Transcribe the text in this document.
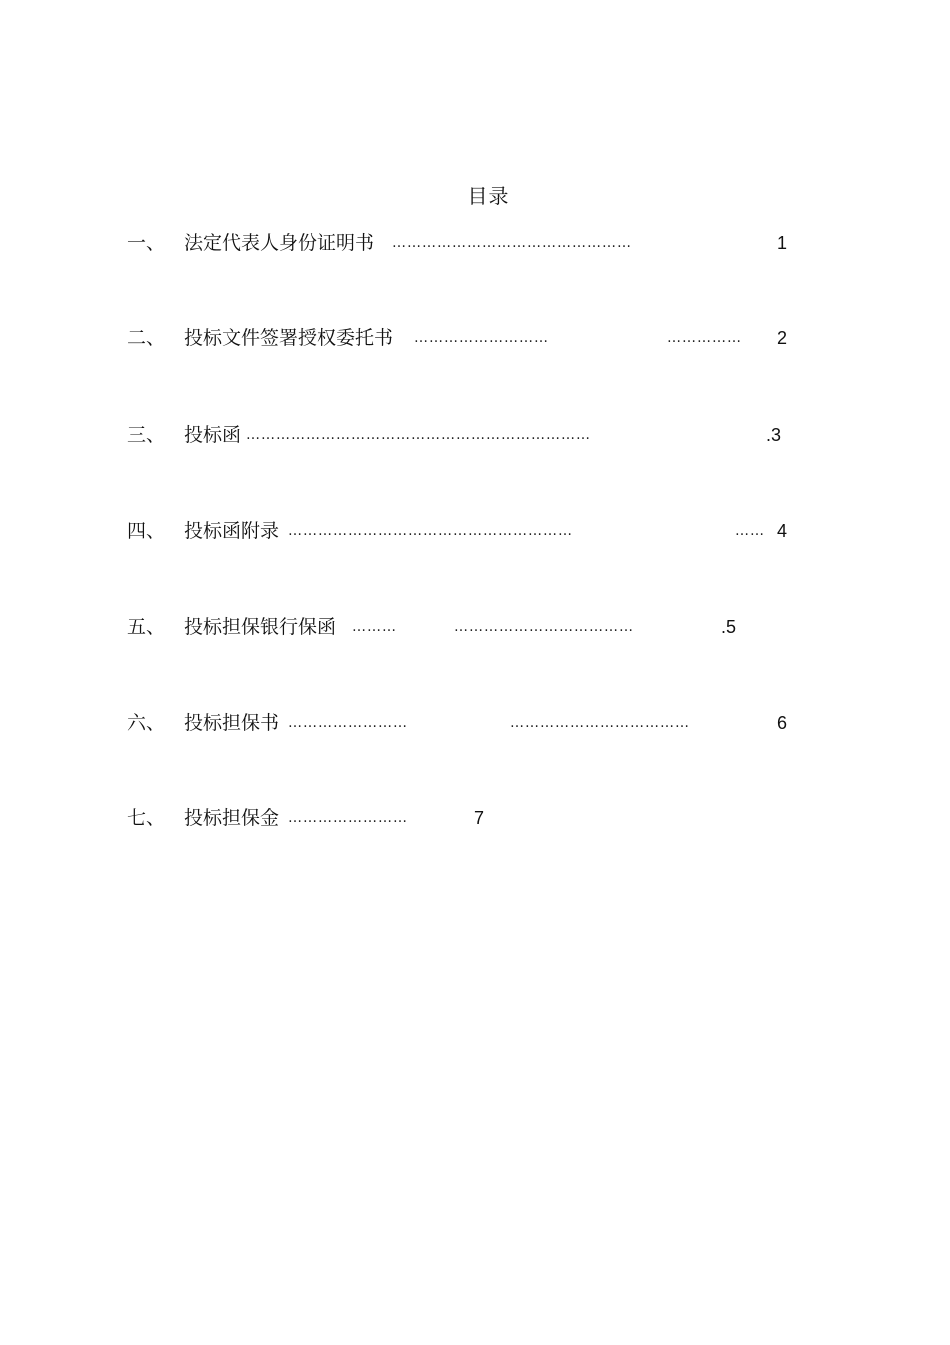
目录
一、 法定代表人身份证明书 …………………………………………	1
二、 投标文件签署授权委托书 ………………………	…………… 2
三、 投标函 ……………………………………………………………	.3
四、 投标函附录 …………………………………………………	…… 4
五、 投标担保银行保函 ………	………………………………	.5
六、 投标担保书 ……………………	………………………………	6
七、 投标担保金 ……………………	7
